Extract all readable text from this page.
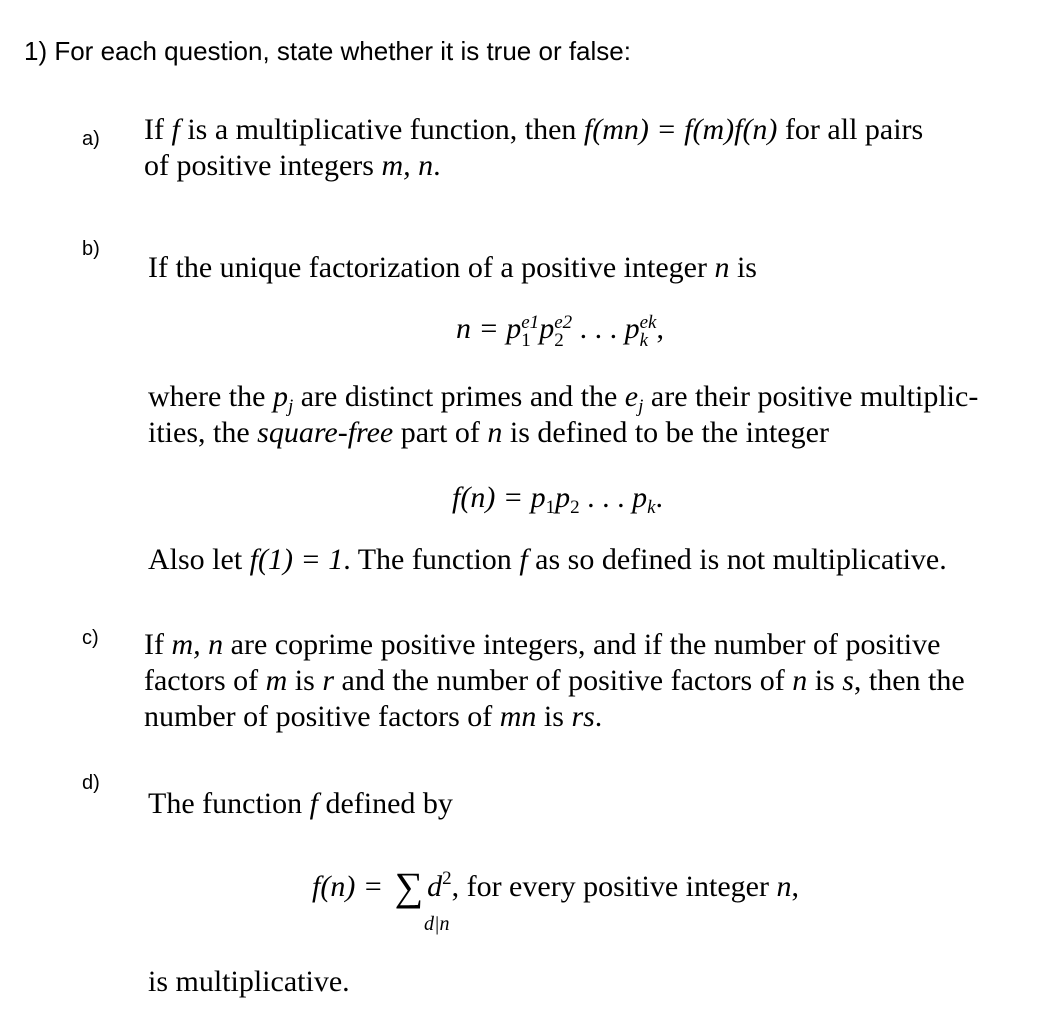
1) For each question, state whether it is true or false:
a)
b)
c)
d)
If f is a multiplicative function, then f(mn) = f(m)f(n) for all pairs
of positive integers m, n.
If the unique factorization of a positive integer n is
n = p e1
1 p e2
2 . . . p ek
k ,
where the $p_j$ are distinct primes and the $e_j$ are their positive multiplic-
ities, the square-free part of n is defined to be the integer
$f(n) = p_1p_2$ . . . $p_k$.
Also let f(1) = 1. The function f as so defined is not multiplicative.
If m, n are coprime positive integers, and if the number of positive
factors of m is r and the number of positive factors of n is s, then the
number of positive factors of mn is rs.
The function f defined by
f(n) = ∑ $d^2$, for every positive integer n,
d|n
is multiplicative.
